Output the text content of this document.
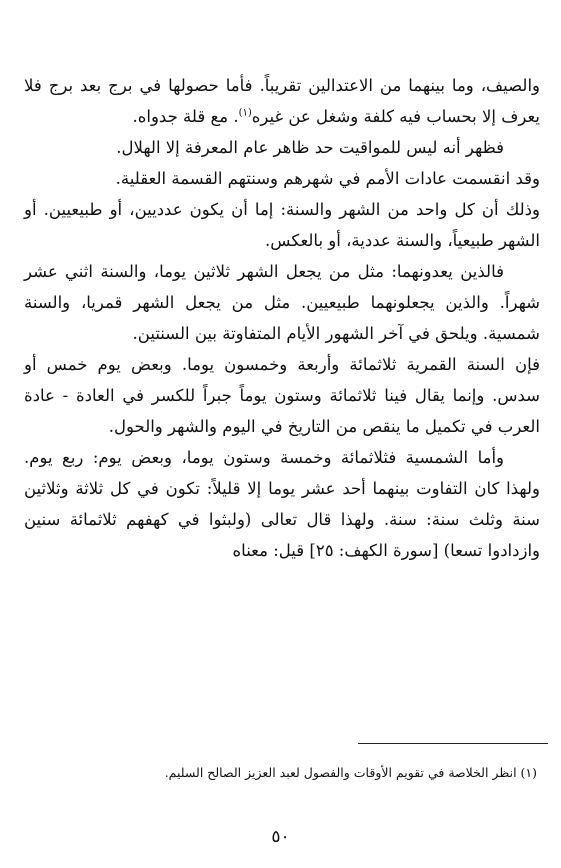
والصيف، وما بينهما من الاعتدالين تقريباً. فأما حصولها في برج بعد برج فلا يعرف إلا بحساب فيه كلفة وشغل عن غيره$^{(١)}$. مع قلة جدواه.

فظهر أنه ليس للمواقيت حد ظاهر عام المعرفة إلا الهلال.

وقد انقسمت عادات الأمم في شهرهم وسنتهم القسمة العقلية.

وذلك أن كل واحد من الشهر والسنة: إما أن يكون عدديين، أو طبيعيين. أو الشهر طبيعياً، والسنة عددية، أو بالعكس.

فالذين يعدونهما: مثل من يجعل الشهر ثلاثين يوما، والسنة اثني عشر شهراً. والذين يجعلونهما طبيعيين. مثل من يجعل الشهر قمريا، والسنة شمسية. ويلحق في آخر الشهور الأيام المتفاوتة بين السنتين.

فإن السنة القمرية ثلاثمائة وأربعة وخمسون يوما. وبعض يوم خمس أو سدس. وإنما يقال فينا ثلاثمائة وستون يوماً جبراً للكسر في العادة - عادة العرب في تكميل ما ينقص من التاريخ في اليوم والشهر والحول.

وأما الشمسية فثلاثمائة وخمسة وستون يوما، وبعض يوم: ربع يوم. ولهذا كان التفاوت بينهما أحد عشر يوما إلا قليلاً: تكون في كل ثلاثة وثلاثين سنة وثلث سنة: سنة. ولهذا قال تعالى (ولبثوا في كهفهم ثلاثمائة سنين وازدادوا تسعا) [سورة الكهف: ٢٥] قيل: معناه

(١) انظر الخلاصة في تقويم الأوقات والفصول لعبد العزيز الصالح السليم.
٥٠
